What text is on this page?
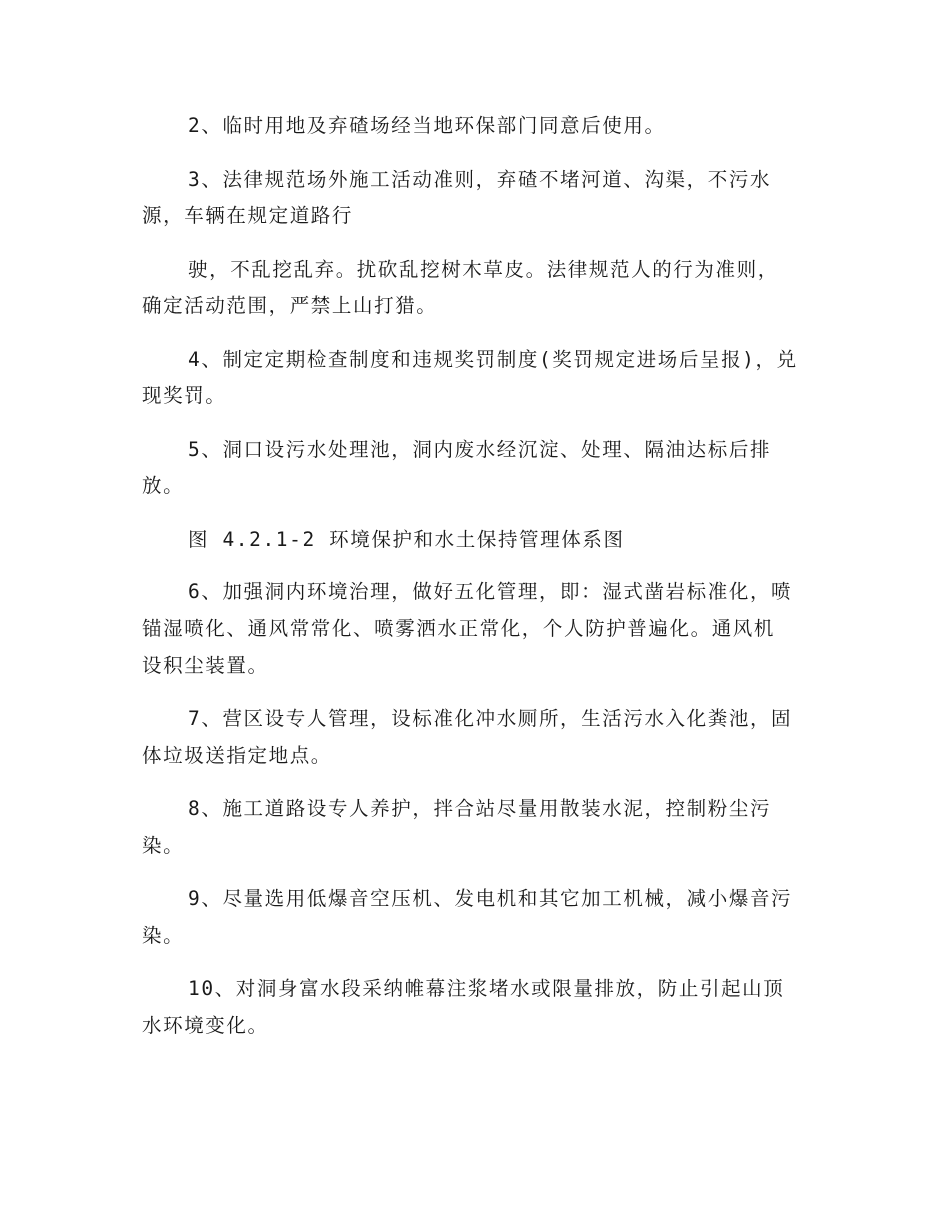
2、临时用地及弃碴场经当地环保部门同意后使用。
3、法律规范场外施工活动准则，弃碴不堵河道、沟渠，不污水
源，车辆在规定道路行
驶，不乱挖乱弃。扰砍乱挖树木草皮。法律规范人的行为准则，
确定活动范围，严禁上山打猎。
4、制定定期检查制度和违规奖罚制度(奖罚规定进场后呈报)，兑
现奖罚。
5、洞口设污水处理池，洞内废水经沉淀、处理、隔油达标后排
放。
图 4.2.1-2 环境保护和水土保持管理体系图
6、加强洞内环境治理，做好五化管理，即：湿式凿岩标准化，喷
锚湿喷化、通风常常化、喷雾洒水正常化，个人防护普遍化。通风机
设积尘装置。
7、营区设专人管理，设标准化冲水厕所，生活污水入化粪池，固
体垃圾送指定地点。
8、施工道路设专人养护，拌合站尽量用散装水泥，控制粉尘污
染。
9、尽量选用低爆音空压机、发电机和其它加工机械，减小爆音污
染。
10、对洞身富水段采纳帷幕注浆堵水或限量排放，防止引起山顶
水环境变化。
